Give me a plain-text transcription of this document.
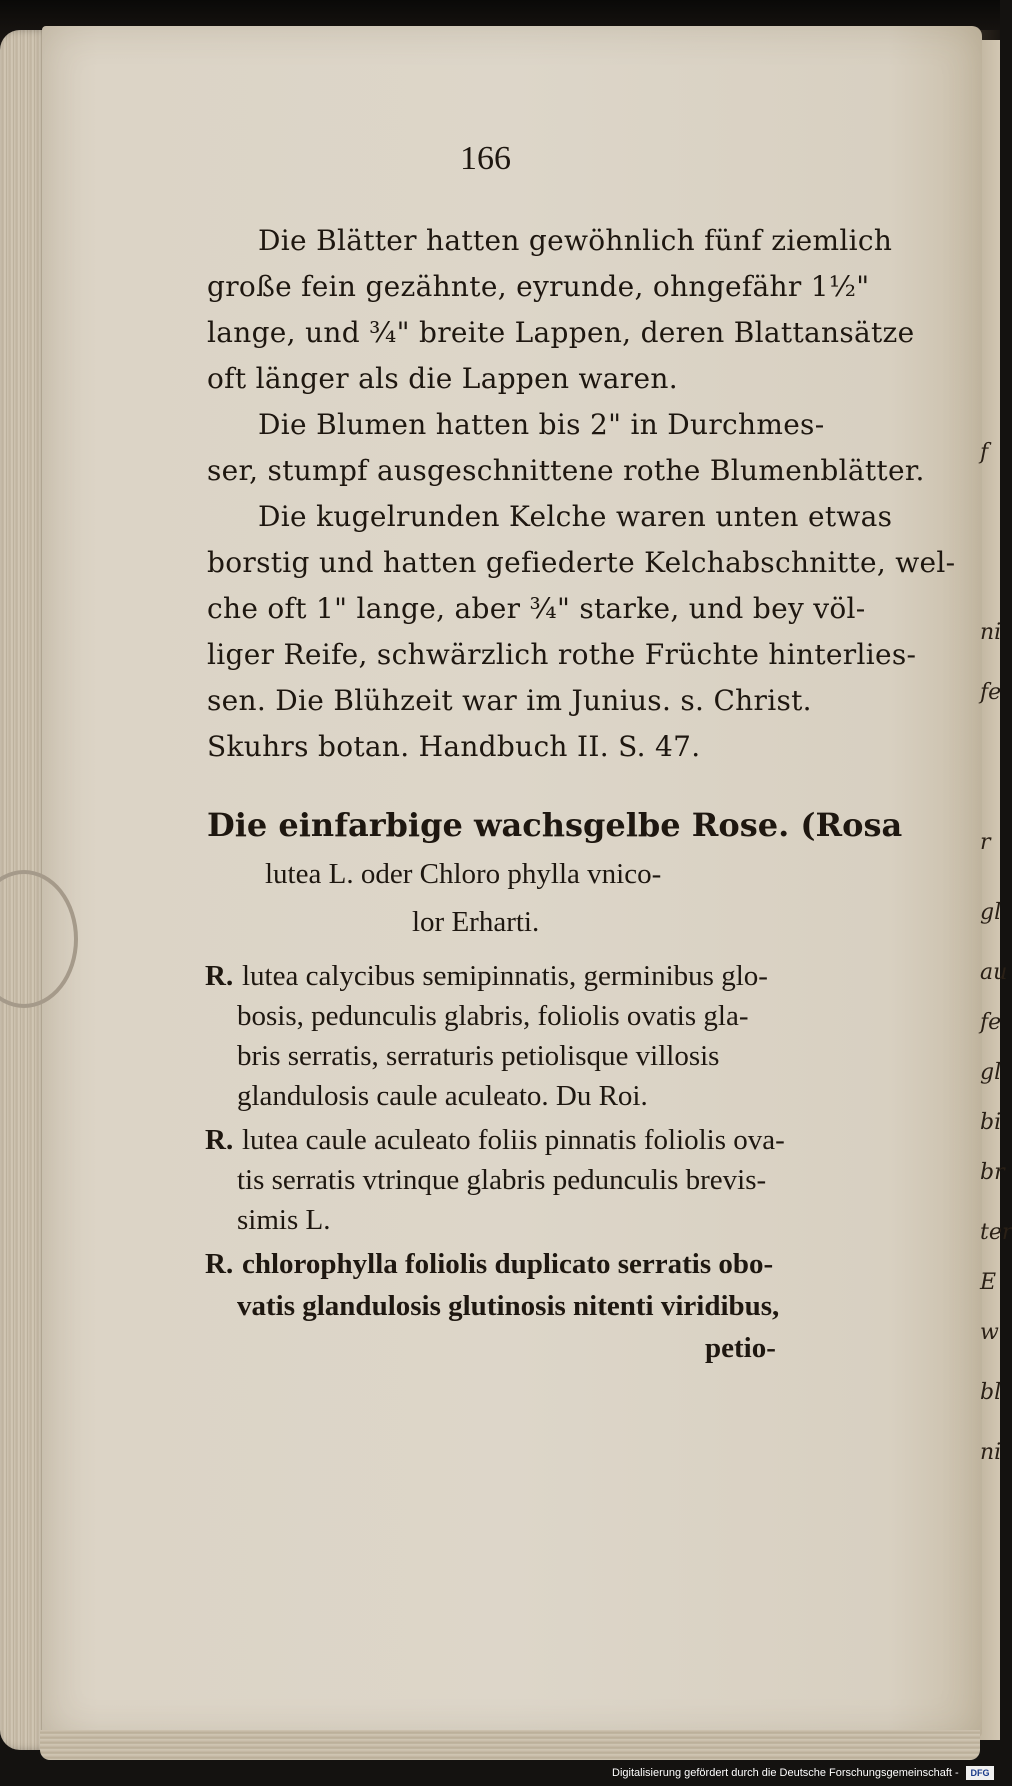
f
ni
fe
r
gl
au
fe
gl
bi
br
ter
E
w
bl
ni
166
Die Blätter hatten gewöhnlich fünf ziemlich
große fein gezähnte, eyrunde, ohngefähr 1½"
lange, und ¾" breite Lappen, deren Blattansätze
oft länger als die Lappen waren.
Die Blumen hatten bis 2" in Durchmes-
ser, stumpf ausgeschnittene rothe Blumenblätter.
Die kugelrunden Kelche waren unten etwas
borstig und hatten gefiederte Kelchabschnitte, wel-
che oft 1" lange, aber ¾" starke, und bey völ-
liger Reife, schwärzlich rothe Früchte hinterlies-
sen. Die Blühzeit war im Junius. s. Christ.
Skuhrs botan. Handbuch II. S. 47.
Die einfarbige wachsgelbe Rose. (Rosa
lutea L. oder Chloro phylla vnico-
lor Erharti.
R. lutea calycibus semipinnatis, germinibus glo-
bosis, pedunculis glabris, foliolis ovatis gla-
bris serratis, serraturis petiolisque villosis
glandulosis caule aculeato. Du Roi.
R. lutea caule aculeato foliis pinnatis foliolis ova-
tis serratis vtrinque glabris pedunculis brevis-
simis L.
R. chlorophylla foliolis duplicato serratis obo-
vatis glandulosis glutinosis nitenti viridibus,
petio-
Digitalisierung gefördert durch die Deutsche Forschungsgemeinschaft -	DFG
